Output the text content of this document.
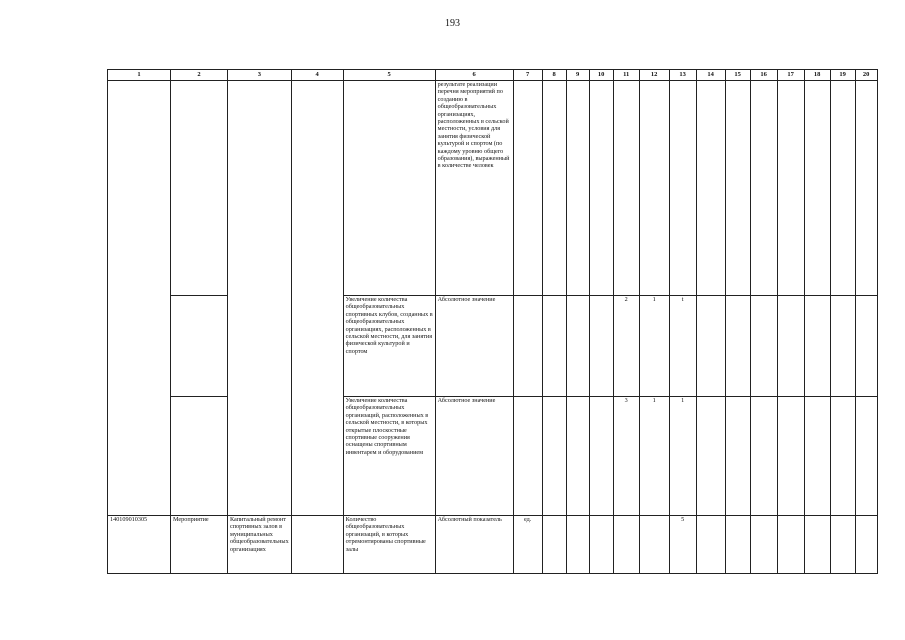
193
1	2	3	4	5	6	7	8	9	10	11	12	13	14	15	16	17	18	19	20
					результате реализации перечня мероприятий по созданию в общеобразовательных организациях, расположенных в сельской местности, условия для занятия физической культурой и спортом (по каждому уровню общего образования), выраженный в количестве человек														
				Увеличение количества общеобразовательных спортивных клубов, созданных в общеобразовательных организациях, расположенных в сельской местности, для занятия физической культурой и спортом	Абсолютное значение					2	1	t							
				Увеличение количества общеобразовательных организаций, расположенных в сельской местности, в которых открытые плоскостные спортивные сооружения оснащены спортивным инвентарем и оборудованием	Абсолютное значение					3	1	1							
140109010305	Мероприятие	Капитальный ремонт спортивных залов в муниципальных общеобразовательных организациях		Количество общеобразовательных организаций, в которых отремонтированы спортивные залы	Абсолютный показатель	ед.						5							
